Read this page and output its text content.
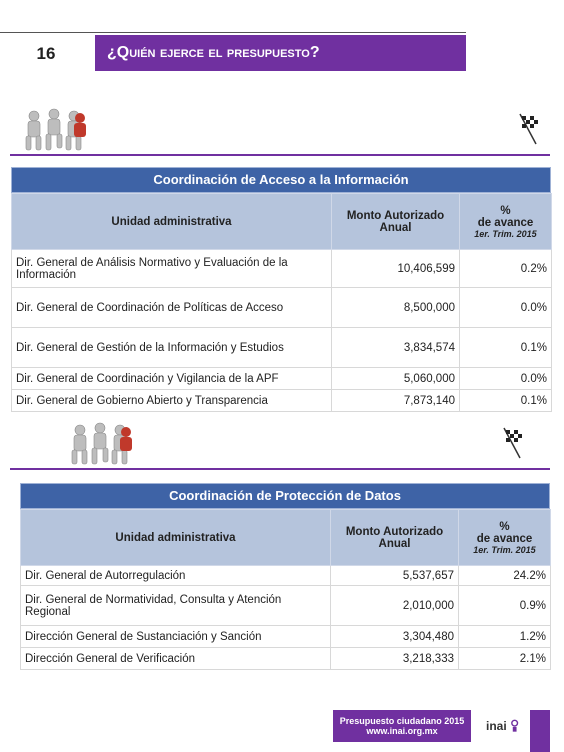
16	¿Quién ejerce el presupuesto?
Coordinación de Acceso a la Información
Unidad administrativa	Monto Autorizado Anual	%
de avance
1er. Trim. 2015

Dir. General de Análisis Normativo y Evaluación de la Información	10,406,599	0.2%
Dir. General de Coordinación de Políticas de Acceso	8,500,000	0.0%
Dir. General de Gestión de la Información y Estudios	3,834,574	0.1%
Dir. General de Coordinación y Vigilancia de la APF	5,060,000	0.0%
Dir. General de Gobierno Abierto y Transparencia	7,873,140	0.1%
Coordinación de Protección de Datos
Unidad administrativa	Monto Autorizado Anual	%
de avance
1er. Trim. 2015

Dir. General de Autorregulación	5,537,657	24.2%
Dir. General de Normatividad, Consulta y Atención Regional	2,010,000	0.9%
Dirección General de Sustanciación y Sanción	3,304,480	1.2%
Dirección General de Verificación	3,218,333	2.1%
Presupuesto ciudadano 2015
www.inai.org.mx	inai
